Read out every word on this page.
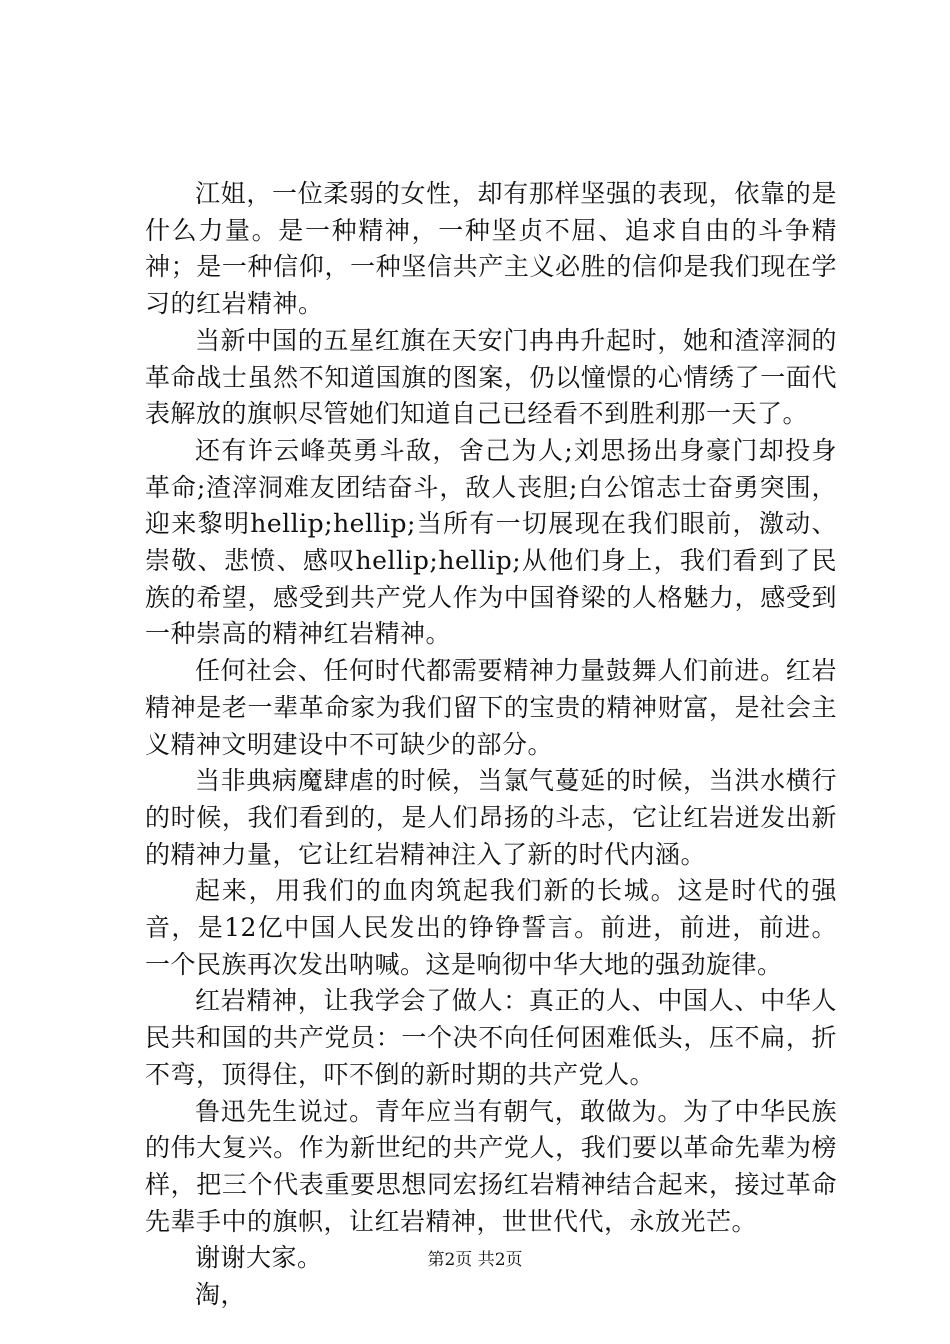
江姐，一位柔弱的女性，却有那样坚强的表现，依靠的是什么力量。是一种精神，一种坚贞不屈、追求自由的斗争精神；是一种信仰，一种坚信共产主义必胜的信仰是我们现在学习的红岩精神。

当新中国的五星红旗在天安门冉冉升起时，她和渣滓洞的革命战士虽然不知道国旗的图案，仍以憧憬的心情绣了一面代表解放的旗帜尽管她们知道自己已经看不到胜利那一天了。

还有许云峰英勇斗敌，舍己为人;刘思扬出身豪门却投身革命;渣滓洞难友团结奋斗，敌人丧胆;白公馆志士奋勇突围，迎来黎明hellip;hellip;当所有一切展现在我们眼前，激动、崇敬、悲愤、感叹hellip;hellip;从他们身上，我们看到了民族的希望，感受到共产党人作为中国脊梁的人格魅力，感受到一种崇高的精神红岩精神。

任何社会、任何时代都需要精神力量鼓舞人们前进。红岩精神是老一辈革命家为我们留下的宝贵的精神财富，是社会主义精神文明建设中不可缺少的部分。

当非典病魔肆虐的时候，当氯气蔓延的时候，当洪水横行的时候，我们看到的，是人们昂扬的斗志，它让红岩迸发出新的精神力量，它让红岩精神注入了新的时代内涵。

起来，用我们的血肉筑起我们新的长城。这是时代的强音，是12亿中国人民发出的铮铮誓言。前进，前进，前进。一个民族再次发出呐喊。这是响彻中华大地的强劲旋律。

红岩精神，让我学会了做人：真正的人、中国人、中华人民共和国的共产党员：一个决不向任何困难低头，压不扁，折不弯，顶得住，吓不倒的新时期的共产党人。

鲁迅先生说过。青年应当有朝气，敢做为。为了中华民族的伟大复兴。作为新世纪的共产党人，我们要以革命先辈为榜样，把三个代表重要思想同宏扬红岩精神结合起来，接过革命先辈手中的旗帜，让红岩精神，世世代代，永放光芒。

谢谢大家。

淘，

第2页 共2页
